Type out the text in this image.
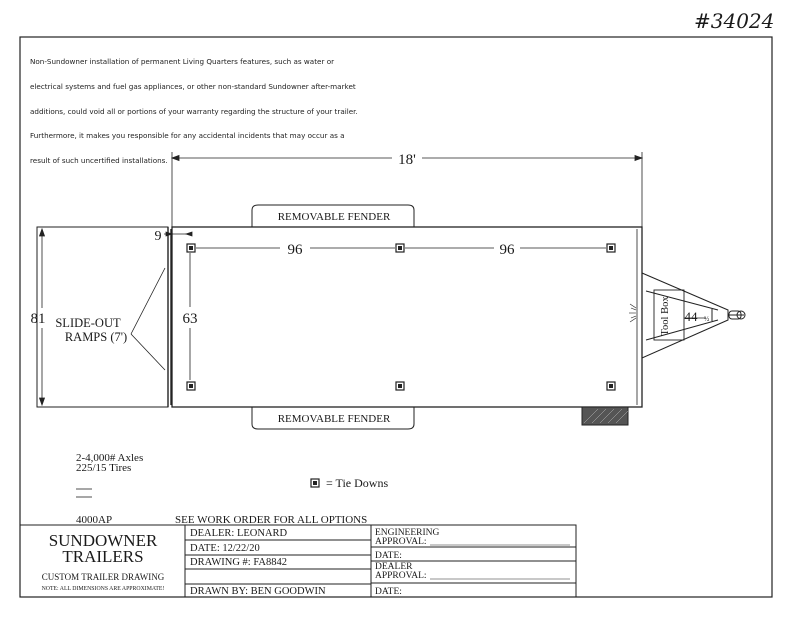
#34024
18'
REMOVABLE FENDER
REMOVABLE FENDER
81 SLIDE-OUT
RAMPS (7')
9
63
96	96
Tool Box 44 ½
2-4,000# Axles
225/15 Tires
= Tie Downs
4000AP	SEE WORK ORDER FOR ALL OPTIONS
SUNDOWNER
TRAILERS
CUSTOM TRAILER DRAWING
NOTE: ALL DIMENSIONS ARE APPROXIMATE!
DEALER: LEONARD
DATE: 12/22/20
DRAWING #: FA8842
DRAWN BY: BEN GOODWIN
ENGINEERING
APPROVAL:
DATE:
DEALER
APPROVAL:
DATE:

Non-Sundowner installation of permanent Living Quarters features, such as water or

electrical systems and fuel gas appliances, or other non-standard Sundowner after-market

additions, could void all or portions of your warranty regarding the structure of your trailer.

Furthermore, it makes you responsible for any accidental incidents that may occur as a

result of such uncertified installations.
